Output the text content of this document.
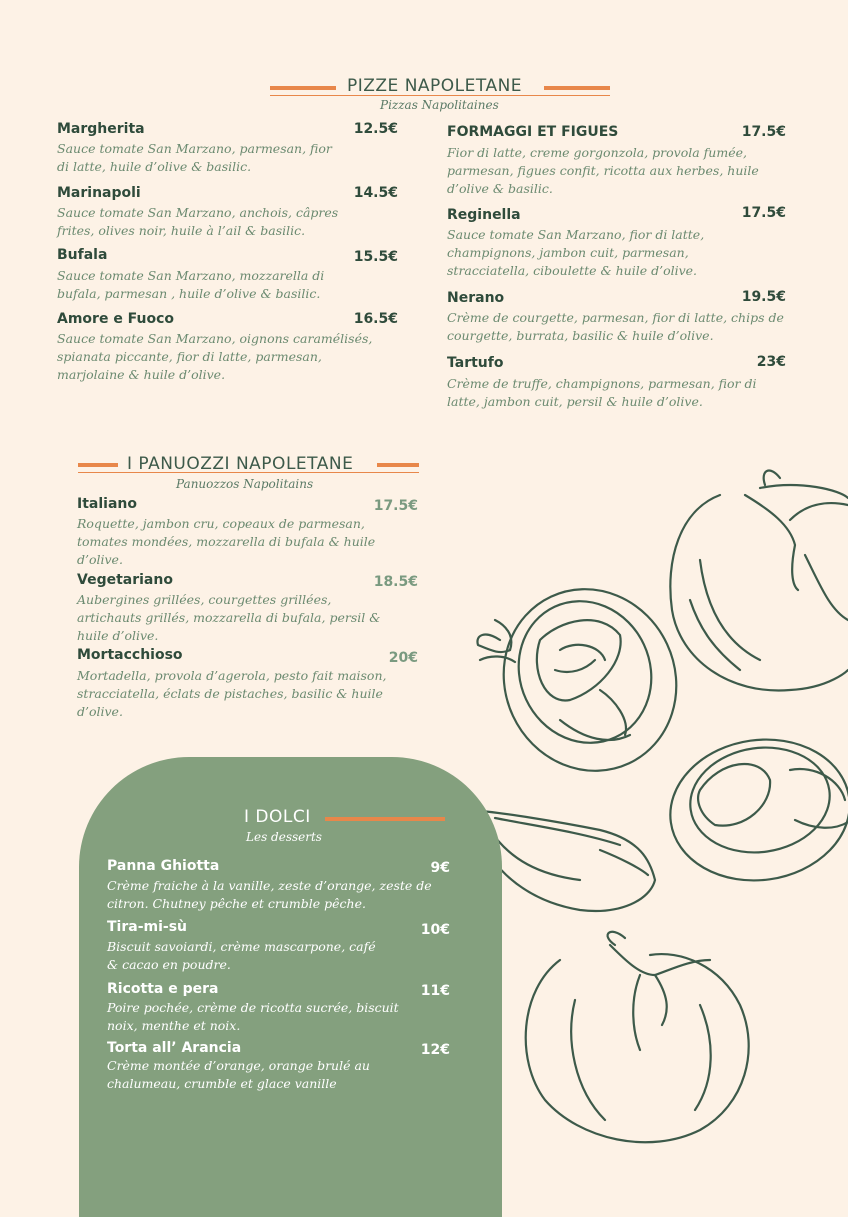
PIZZE NAPOLETANE
Pizzas Napolitaines
Margherita	12.5€
Sauce tomate San Marzano, parmesan, fior di latte, huile d’olive & basilic.
Marinapoli	14.5€
Sauce tomate San Marzano, anchois, câpres frites, olives noir, huile à l’ail & basilic.
Bufala	15.5€
Sauce tomate San Marzano, mozzarella di bufala, parmesan , huile d’olive & basilic.
Amore e Fuoco	16.5€
Sauce tomate San Marzano, oignons caramélisés, spianata piccante, fior di latte, parmesan, marjolaine & huile d’olive.
FORMAGGI ET FIGUES	17.5€
Fior di latte, creme gorgonzola, provola fumée, parmesan, figues confit, ricotta aux herbes, huile d’olive & basilic.
Reginella	17.5€
Sauce tomate San Marzano, fior di latte, champignons, jambon cuit, parmesan, stracciatella, ciboulette & huile d’olive.
Nerano	19.5€
Crème de courgette, parmesan, fior di latte, chips de courgette, burrata, basilic & huile d’olive.
Tartufo	23€
Crème de truffe, champignons, parmesan, fior di latte, jambon cuit, persil & huile d’olive.
I PANUOZZI NAPOLETANE
Panuozzos Napolitains
Italiano	17.5€
Roquette, jambon cru, copeaux de parmesan, tomates mondées, mozzarella di bufala & huile d’olive.
Vegetariano	18.5€
Aubergines grillées, courgettes grillées, artichauts grillés, mozzarella di bufala, persil & huile d’olive.
Mortacchioso	20€
Mortadella, provola d’agerola, pesto fait maison, stracciatella, éclats de pistaches, basilic & huile d’olive.
I DOLCI
Les desserts
Panna Ghiotta	9€
Crème fraiche à la vanille, zeste d’orange, zeste de citron. Chutney pêche et crumble pêche.
Tira-mi-sù	10€
Biscuit savoiardi, crème mascarpone, café & cacao en poudre.
Ricotta e pera	11€
Poire pochée, crème de ricotta sucrée, biscuit noix, menthe et noix.
Torta all’ Arancia	12€
Crème montée d’orange, orange brulé au chalumeau, crumble et glace vanille
